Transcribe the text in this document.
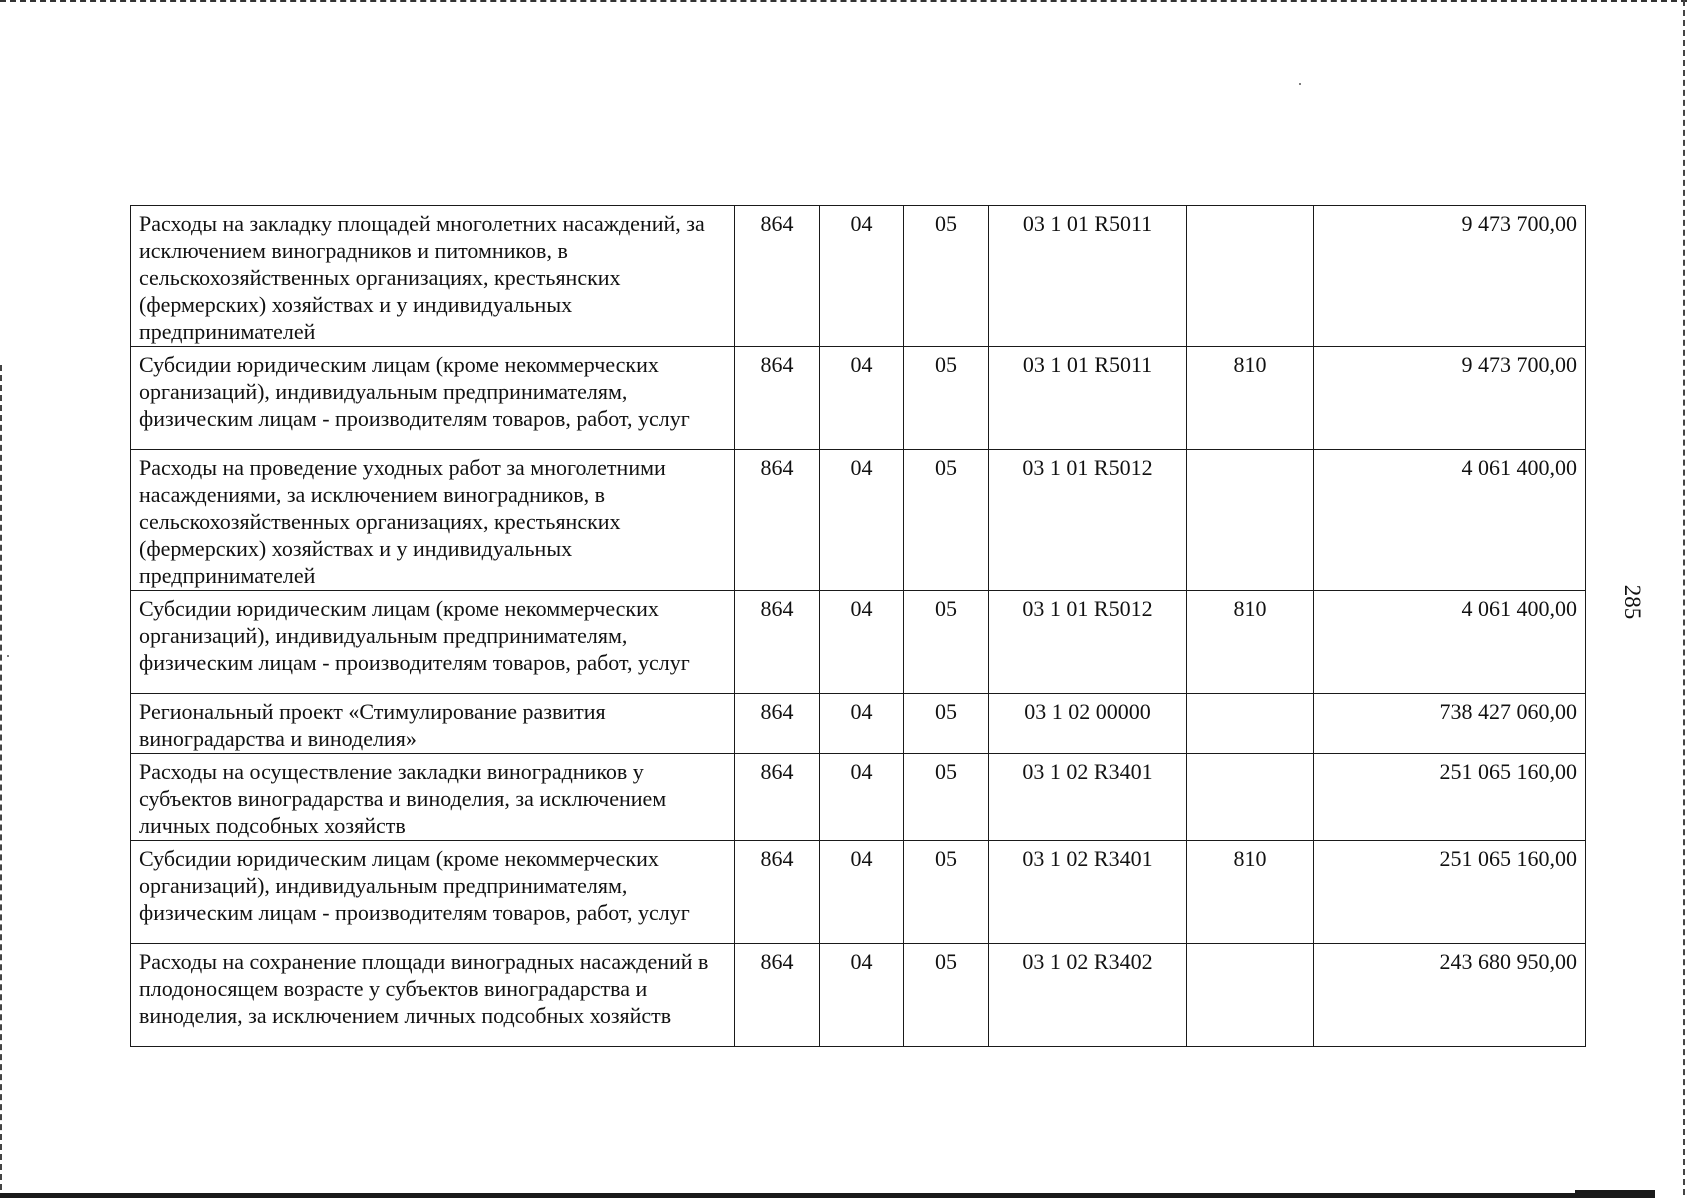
285
Расходы на закладку площадей многолетних насаждений, за исключением виноградников и питомников, в сельскохозяйственных организациях, крестьянских (фермерских) хозяйствах и у индивидуальных предпринимателей	864	04	05	03 1 01 R5011		9 473 700,00
Субсидии юридическим лицам (кроме некоммерческих организаций), индивидуальным предпринимателям, физическим лицам - производителям товаров, работ, услуг	864	04	05	03 1 01 R5011	810	9 473 700,00
Расходы на проведение уходных работ за многолетними насаждениями, за исключением виноградников, в сельскохозяйственных организациях, крестьянских (фермерских) хозяйствах и у индивидуальных предпринимателей	864	04	05	03 1 01 R5012		4 061 400,00
Субсидии юридическим лицам (кроме некоммерческих организаций), индивидуальным предпринимателям, физическим лицам - производителям товаров, работ, услуг	864	04	05	03 1 01 R5012	810	4 061 400,00
Региональный проект «Стимулирование развития виноградарства и виноделия»	864	04	05	03 1 02 00000		738 427 060,00
Расходы на осуществление закладки виноградников у субъектов виноградарства и виноделия, за исключением личных подсобных хозяйств	864	04	05	03 1 02 R3401		251 065 160,00
Субсидии юридическим лицам (кроме некоммерческих организаций), индивидуальным предпринимателям, физическим лицам - производителям товаров, работ, услуг	864	04	05	03 1 02 R3401	810	251 065 160,00
Расходы на сохранение площади виноградных насаждений в плодоносящем возрасте у субъектов виноградарства и виноделия, за исключением личных подсобных хозяйств	864	04	05	03 1 02 R3402		243 680 950,00
